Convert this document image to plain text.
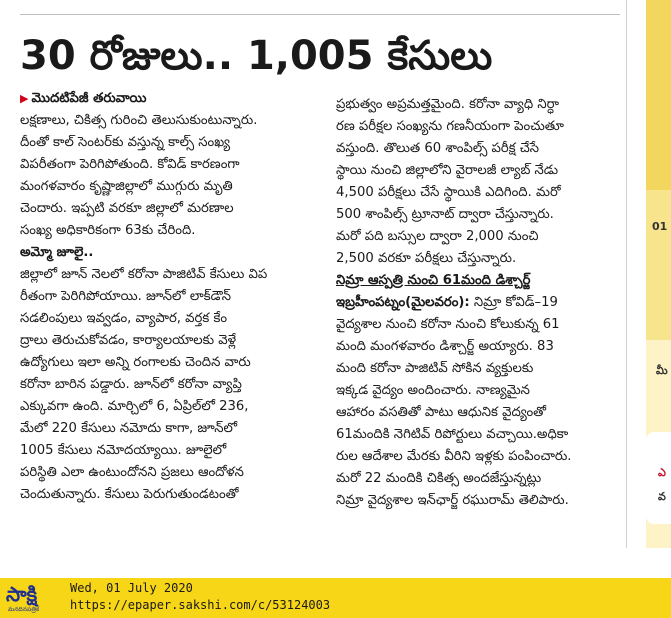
30 రోజులు.. 1,005 కేసులు

▶ మొదటిపేజీ తరువాయి

లక్షణాలు, చికిత్స గురించి తెలుసుకుంటున్నారు.

దీంతో కాల్ సెంటర్‌కు వస్తున్న కాల్స్ సంఖ్య

విపరీతంగా పెరిగిపోతుంది. కోవిడ్ కారణంగా

మంగళవారం కృష్ణాజిల్లాలో ముగ్గురు మృతి

చెందారు. ఇప్పటి వరకూ జిల్లాలో మరణాల

సంఖ్య అధికారికంగా 63కు చేరింది.

అమ్మో జూలై..

జిల్లాలో జూన్ నెలలో కరోనా పాజిటివ్ కేసులు విప

రీతంగా పెరిగిపోయాయి. జూన్‌లో లాక్‌డౌన్

సడలింపులు ఇవ్వడం, వ్యాపార, వర్తక కేం

ద్రాలు తెరుచుకోవడం, కార్యాలయాలకు వెళ్లే

ఉద్యోగులు ఇలా అన్ని రంగాలకు చెందిన వారు

కరోనా బారిన పడ్డారు. జూన్‌లో కరోనా వ్యాప్తి

ఎక్కువగా ఉంది. మార్చిలో 6, ఏప్రిల్‌లో 236,

మేలో 220 కేసులు నమోదు కాగా, జూన్‌లో

1005 కేసులు నమోదయ్యాయి. జూలైలో

పరిస్థితి ఎలా ఉంటుందోనని ప్రజలు ఆందోళన

చెందుతున్నారు. కేసులు పెరుగుతుండటంతో

ప్రభుత్వం అప్రమత్తమైంది. కరోనా వ్యాధి నిర్ధా

రణ పరీక్షల సంఖ్యను గణనీయంగా పెంచుతూ

వస్తుంది. తొలుత 60 శాంపిల్స్ పరీక్ష చేసే

స్థాయి నుంచి జిల్లాలోని వైరాలజీ ల్యాబ్ నేడు

4,500 పరీక్షలు చేసే స్థాయికి ఎదిగింది. మరో

500 శాంపిల్స్ ట్రూనాట్ ద్వారా చేస్తున్నారు.

మరో పది బస్సుల ద్వారా 2,000 నుంచి

2,500 వరకూ పరీక్షలు చేస్తున్నారు.

నిమ్రా ఆస్పత్రి నుంచి 61మంది డిశ్చార్జ్

ఇబ్రహీంపట్నం(మైలవరం): నిమ్రా కోవిడ్–19

వైద్యశాల నుంచి కరోనా నుంచి కోలుకున్న 61

మంది మంగళవారం డిశ్చార్జ్ అయ్యారు. 83

మంది కరోనా పాజిటివ్ సోకిన వ్యక్తులకు

ఇక్కడ వైద్యం అందించారు. నాణ్యమైన

ఆహారం వసతితో పాటు ఆధునిక వైద్యంతో

61మందికి నెగిటివ్ రిపోర్టులు వచ్చాయి.అధికా

రుల ఆదేశాల మేరకు వీరిని ఇళ్లకు పంపించారు.

మరో 22 మందికి చికిత్స అందజేస్తున్నట్లు

నిమ్రా వైద్యశాల ఇన్‌ఛార్జ్ రఘురామ్ తెలిపారు.

01
మీ
ఎ
వ
సాక్షి
మనదినపత్రిక
Wed, 01 July 2020
https://epaper.sakshi.com/c/53124003
